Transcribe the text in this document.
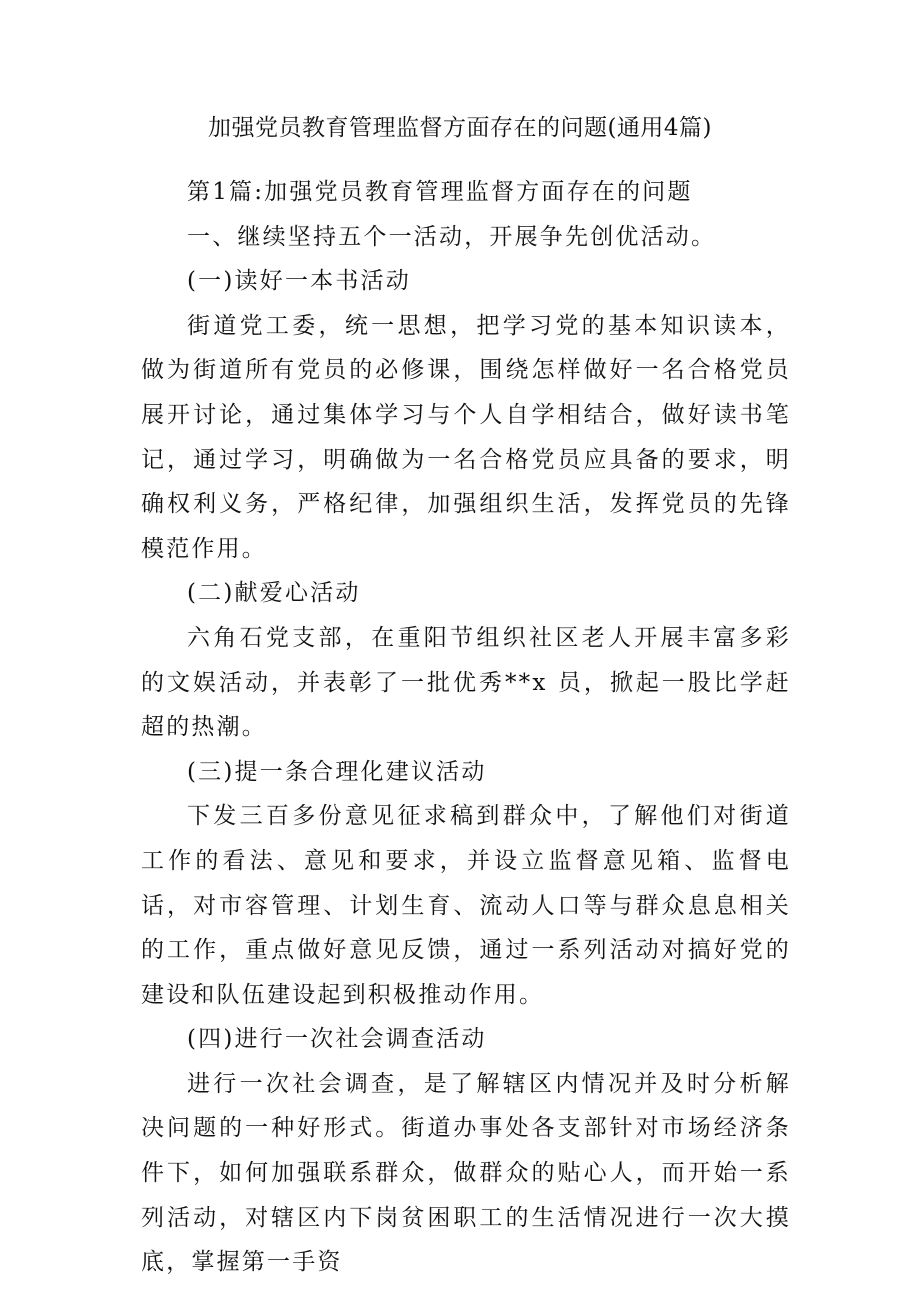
加强党员教育管理监督方面存在的问题(通用4篇)

第1篇:加强党员教育管理监督方面存在的问题

一、继续坚持五个一活动，开展争先创优活动。

(一)读好一本书活动

街道党工委，统一思想，把学习党的基本知识读本，做为街道所有党员的必修课，围绕怎样做好一名合格党员展开讨论，通过集体学习与个人自学相结合，做好读书笔记，通过学习，明确做为一名合格党员应具备的要求，明确权利义务，严格纪律，加强组织生活，发挥党员的先锋模范作用。

(二)献爱心活动

六角石党支部，在重阳节组织社区老人开展丰富多彩的文娱活动，并表彰了一批优秀**x 员，掀起一股比学赶超的热潮。

(三)提一条合理化建议活动

下发三百多份意见征求稿到群众中，了解他们对街道工作的看法、意见和要求，并设立监督意见箱、监督电话，对市容管理、计划生育、流动人口等与群众息息相关的工作，重点做好意见反馈，通过一系列活动对搞好党的建设和队伍建设起到积极推动作用。

(四)进行一次社会调查活动

进行一次社会调查，是了解辖区内情况并及时分析解决问题的一种好形式。街道办事处各支部针对市场经济条件下，如何加强联系群众，做群众的贴心人，而开始一系列活动，对辖区内下岗贫困职工的生活情况进行一次大摸底，掌握第一手资
